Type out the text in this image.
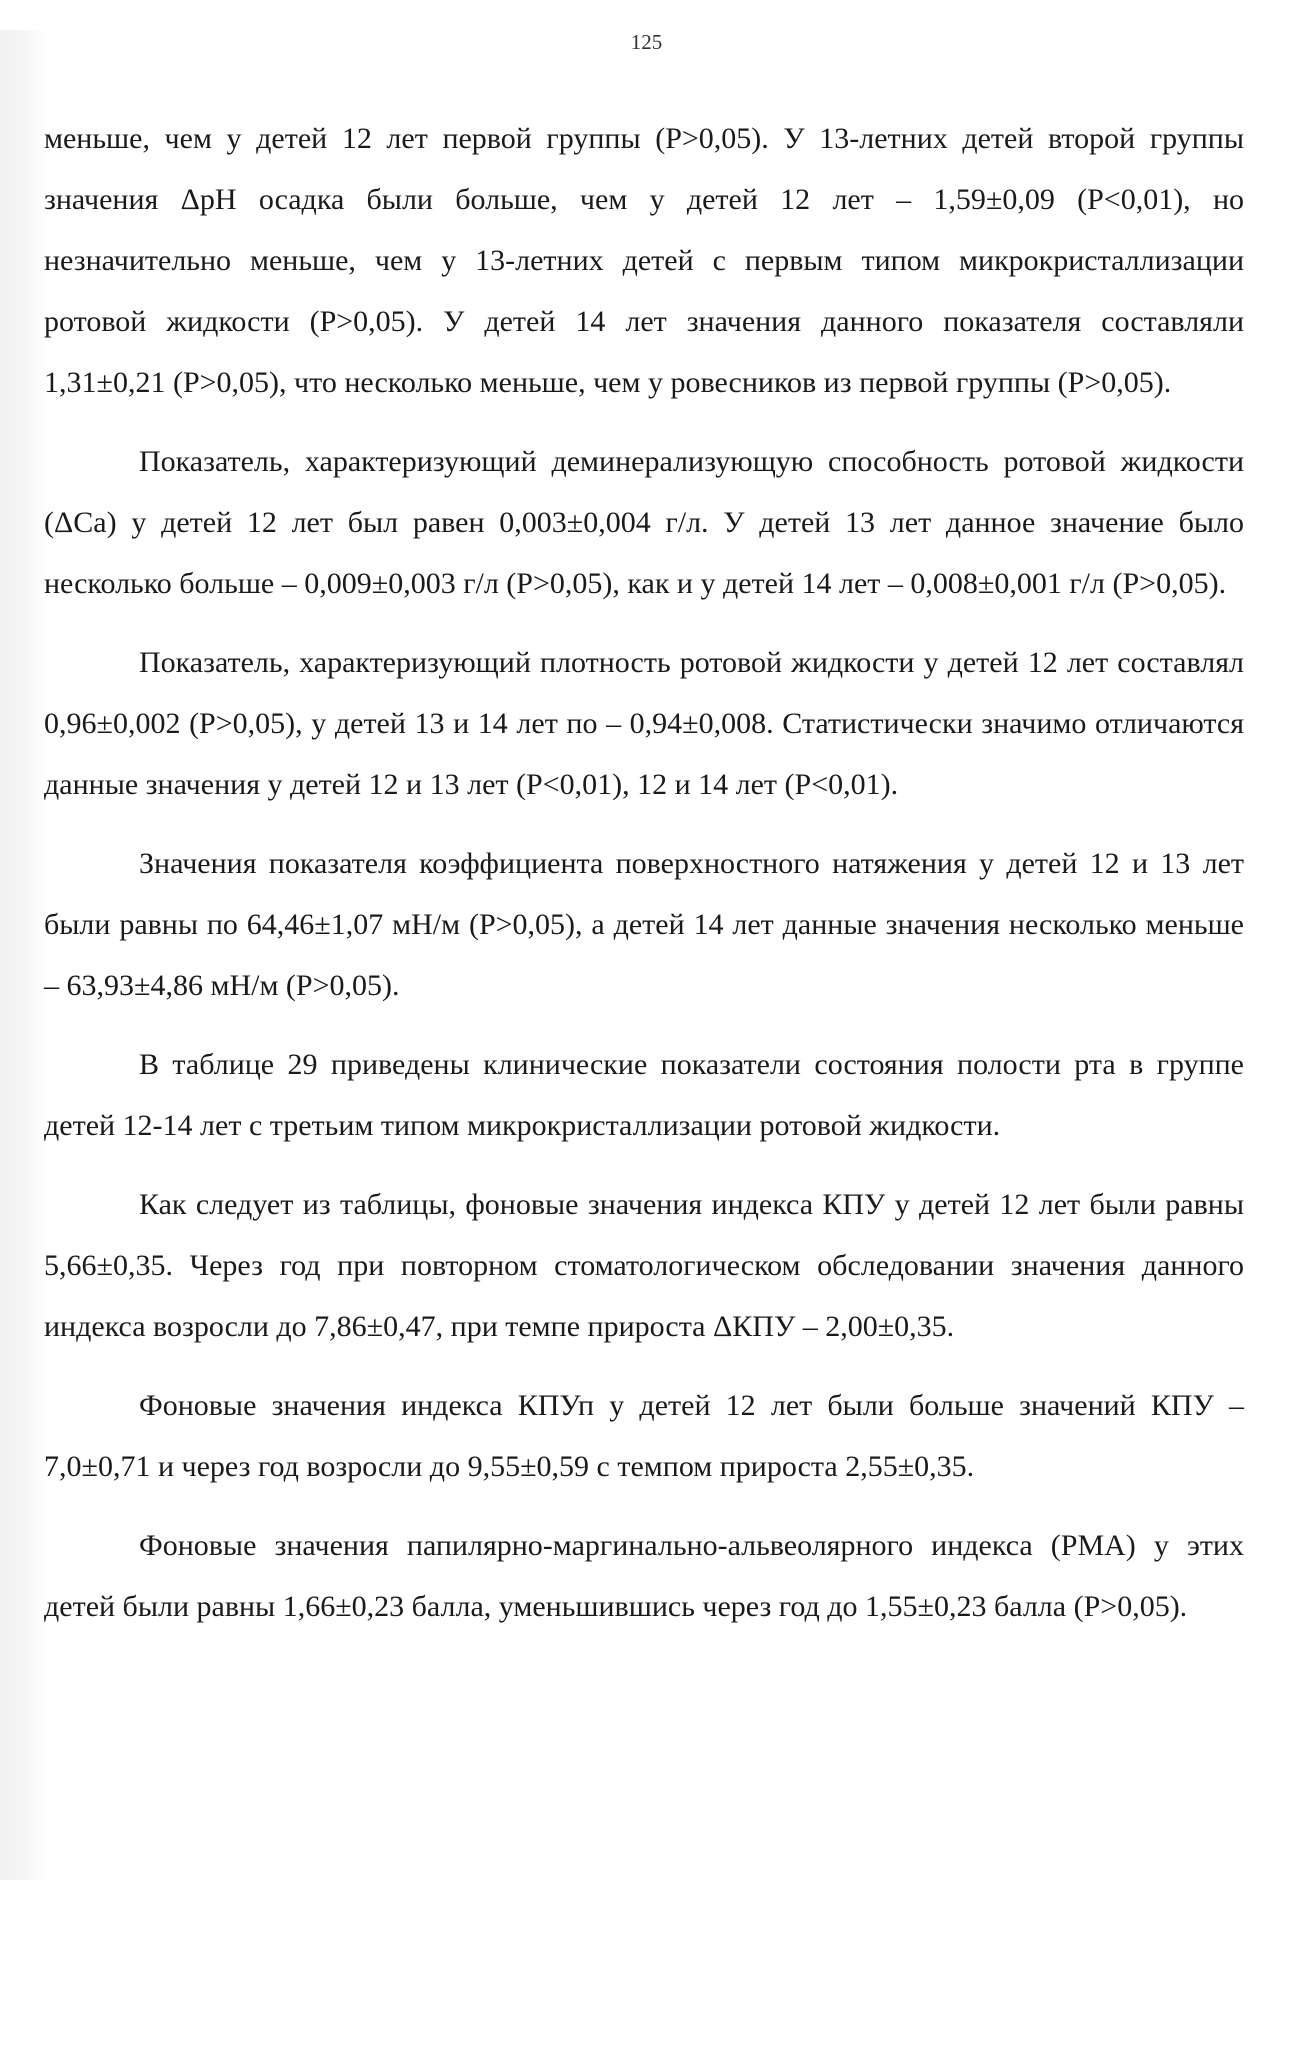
125

меньше, чем у детей 12 лет первой группы (Р>0,05). У 13-летних детей второй группы значения ΔрН осадка были больше, чем у детей 12 лет – 1,59±0,09 (Р<0,01), но незначительно меньше, чем у 13-летних детей с первым типом микрокристаллизации ротовой жидкости (Р>0,05). У детей 14 лет значения данного показателя составляли 1,31±0,21 (Р>0,05), что несколько меньше, чем у ровесников из первой группы (Р>0,05).

Показатель, характеризующий деминерализующую способность ротовой жидкости (ΔСа) у детей 12 лет был равен 0,003±0,004 г/л. У детей 13 лет данное значение было несколько больше – 0,009±0,003 г/л (Р>0,05), как и у детей 14 лет – 0,008±0,001 г/л (Р>0,05).

Показатель, характеризующий плотность ротовой жидкости у детей 12 лет составлял 0,96±0,002 (Р>0,05), у детей 13 и 14 лет по – 0,94±0,008. Статистически значимо отличаются данные значения у детей 12 и 13 лет (Р<0,01), 12 и 14 лет (Р<0,01).

Значения показателя коэффициента поверхностного натяжения у детей 12 и 13 лет были равны по 64,46±1,07 мН/м (Р>0,05), а детей 14 лет данные значения несколько меньше – 63,93±4,86 мН/м (Р>0,05).

В таблице 29 приведены клинические показатели состояния полости рта в группе детей 12-14 лет с третьим типом микрокристаллизации ротовой жидкости.

Как следует из таблицы, фоновые значения индекса КПУ у детей 12 лет были равны 5,66±0,35. Через год при повторном стоматологическом обследовании значения данного индекса возросли до 7,86±0,47, при темпе прироста ΔКПУ – 2,00±0,35.

Фоновые значения индекса КПУп у детей 12 лет были больше значений КПУ – 7,0±0,71 и через год возросли до 9,55±0,59 с темпом прироста 2,55±0,35.

Фоновые значения папилярно-маргинально-альвеолярного индекса (РМА) у этих детей были равны 1,66±0,23 балла, уменьшившись через год до 1,55±0,23 балла (Р>0,05).
